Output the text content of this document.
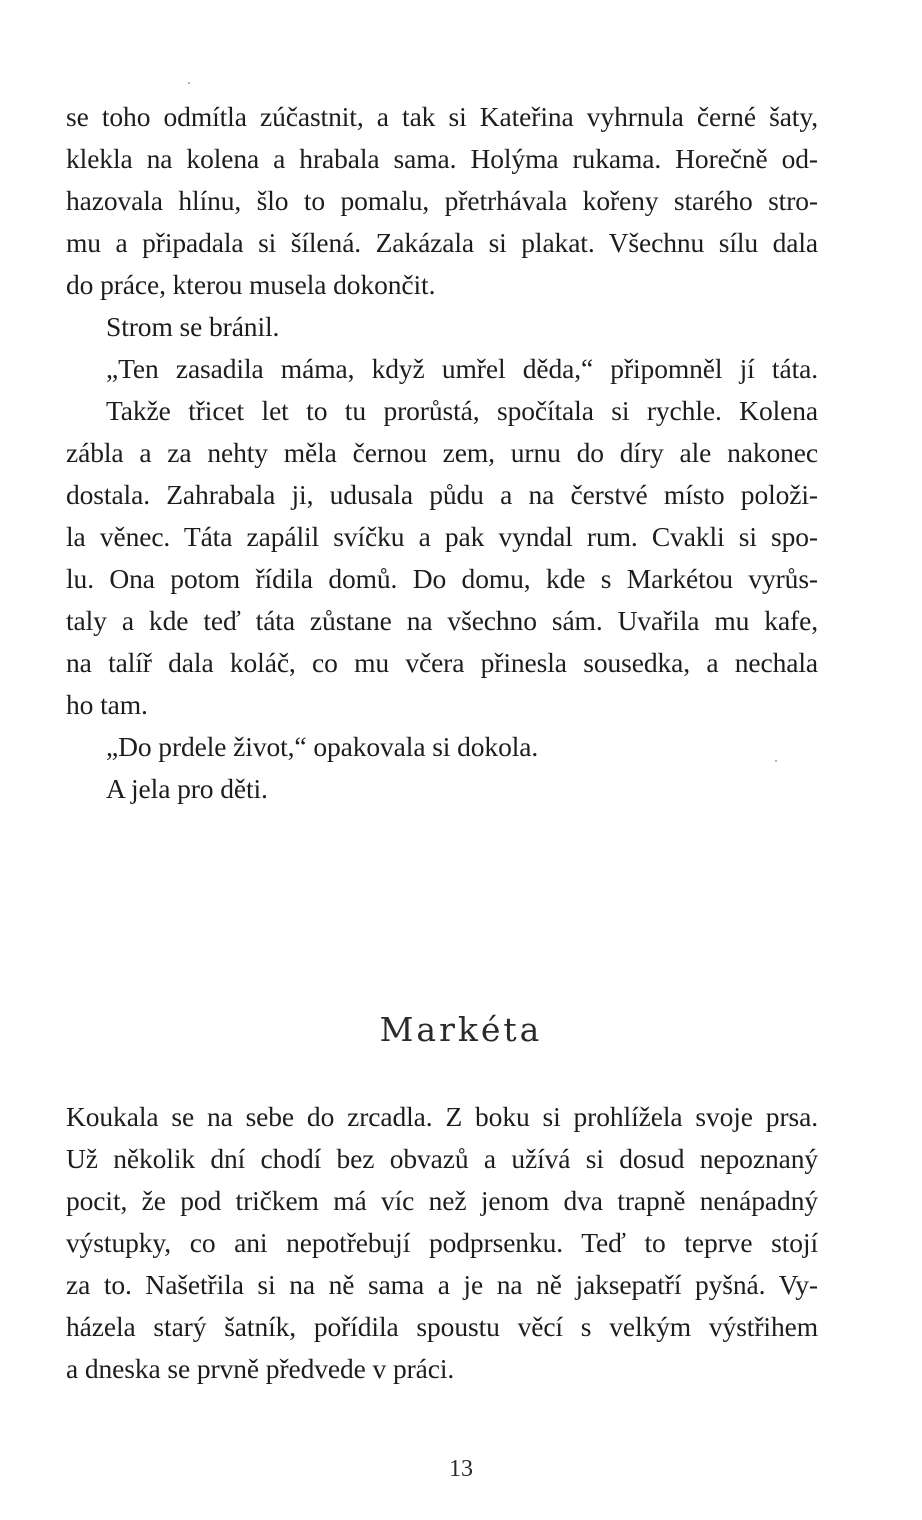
se toho odmítla zúčastnit, a tak si Kateřina vyhrnula černé šaty,
klekla na kolena a hrabala sama. Holýma rukama. Horečně od-
hazovala hlínu, šlo to pomalu, přetrhávala kořeny starého stro-
mu a připadala si šílená. Zakázala si plakat. Všechnu sílu dala
do práce, kterou musela dokončit.
Strom se bránil.
„Ten zasadila máma, když umřel děda,“ připomněl jí táta.
Takže třicet let to tu prorůstá, spočítala si rychle. Kolena
zábla a za nehty měla černou zem, urnu do díry ale nakonec
dostala. Zahrabala ji, udusala půdu a na čerstvé místo položi-
la věnec. Táta zapálil svíčku a pak vyndal rum. Cvakli si spo-
lu. Ona potom řídila domů. Do domu, kde s Markétou vyrůs-
taly a kde teď táta zůstane na všechno sám. Uvařila mu kafe,
na talíř dala koláč, co mu včera přinesla sousedka, a nechala
ho tam.
„Do prdele život,“ opakovala si dokola.
A jela pro děti.
Markéta
Koukala se na sebe do zrcadla. Z boku si prohlížela svoje prsa.
Už několik dní chodí bez obvazů a užívá si dosud nepoznaný
pocit, že pod tričkem má víc než jenom dva trapně nenápadný
výstupky, co ani nepotřebují podprsenku. Teď to teprve stojí
za to. Našetřila si na ně sama a je na ně jaksepatří pyšná. Vy-
házela starý šatník, pořídila spoustu věcí s velkým výstřihem
a dneska se prvně předvede v práci.
13
